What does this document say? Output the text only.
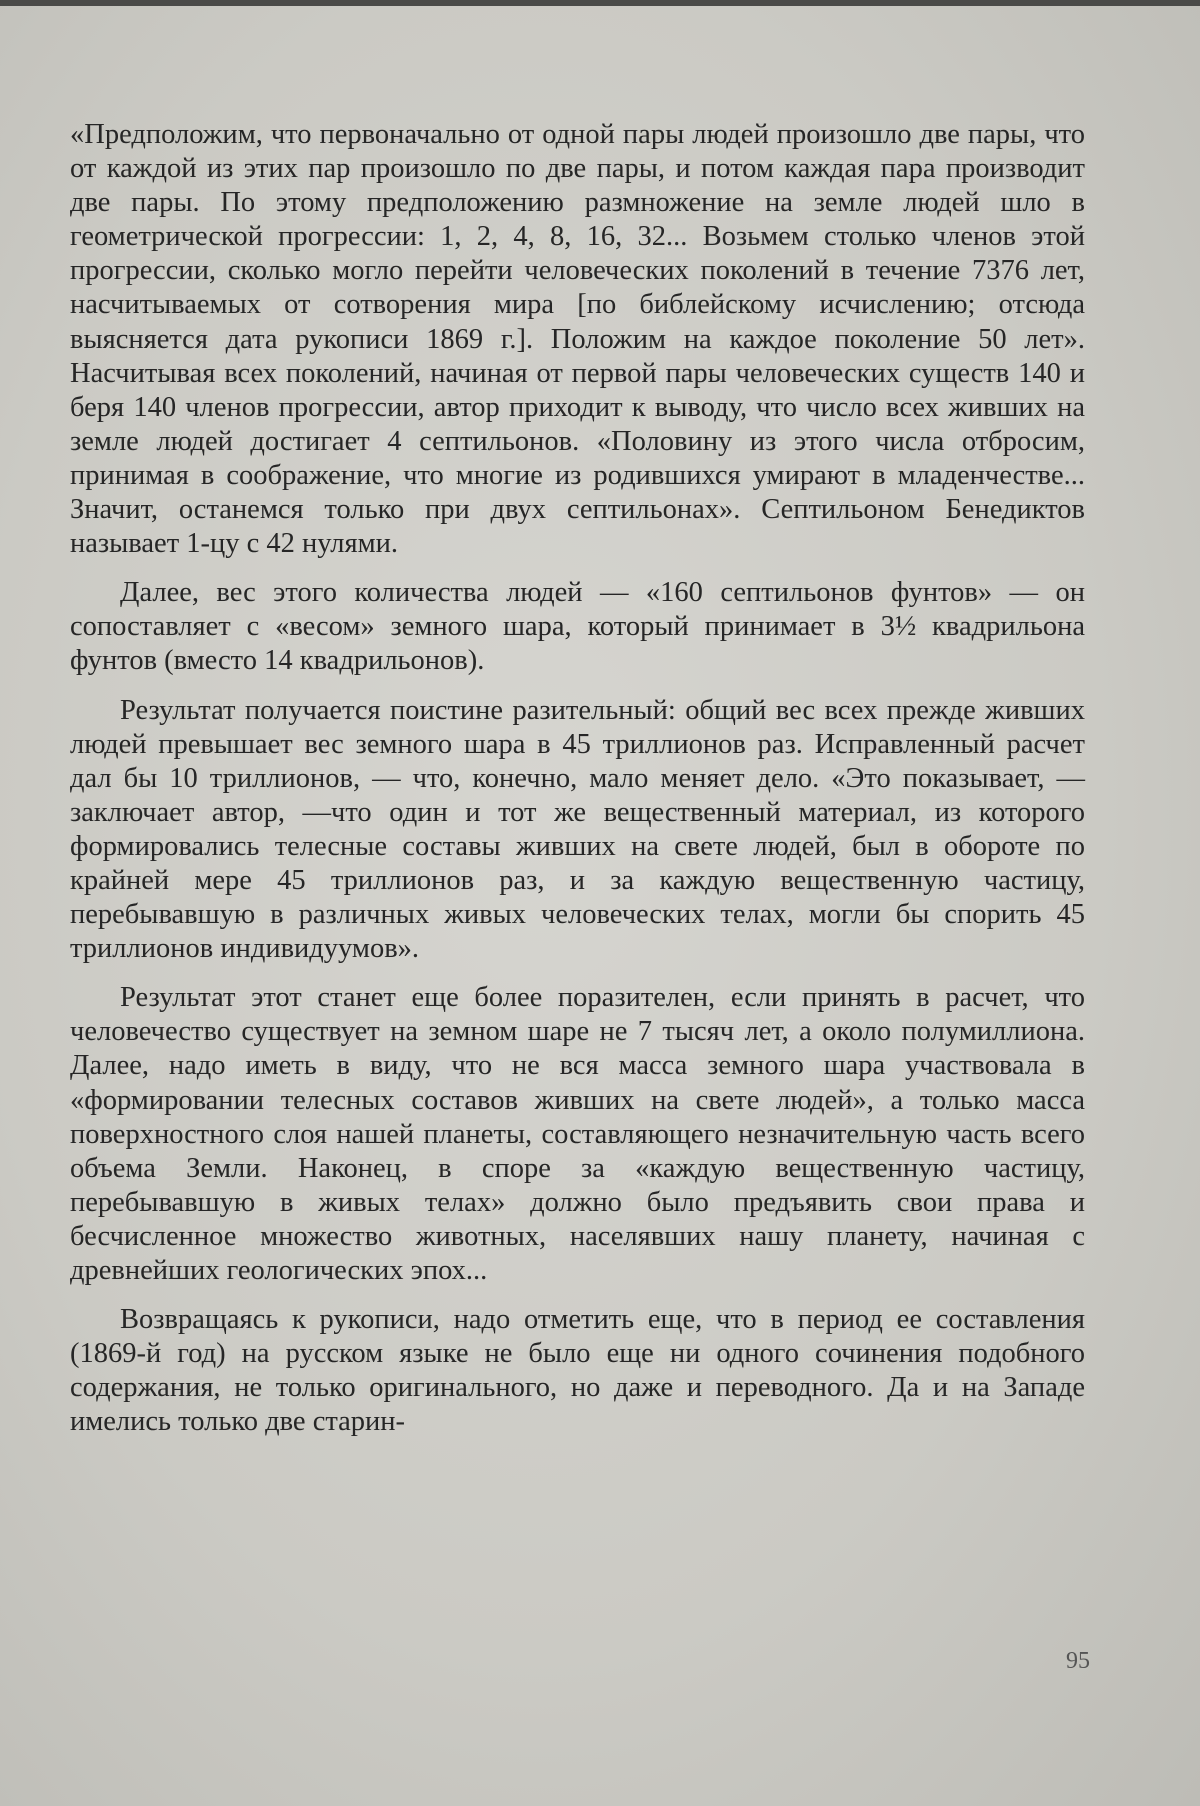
«Предположим, что первоначально от одной пары людей произошло две пары, что от каждой из этих пар произошло по две пары, и потом каждая пара производит две пары. По этому предположению размножение на земле людей шло в геометрической прогрессии: 1, 2, 4, 8, 16, 32... Возьмем столько членов этой прогрессии, сколько могло перейти человеческих поколений в течение 7376 лет, насчитываемых от сотворения мира [по библейскому исчислению; отсюда выясняется дата рукописи 1869 г.]. Положим на каждое поколение 50 лет». Насчитывая всех поколений, начиная от первой пары человеческих существ 140 и беря 140 членов прогрессии, автор приходит к выводу, что число всех живших на земле людей достигает 4 септильонов. «Половину из этого числа отбросим, принимая в соображение, что многие из родившихся умирают в младенчестве... Значит, останемся только при двух септильонах». Септильоном Бенедиктов называет 1-цу с 42 нулями.

Далее, вес этого количества людей — «160 септильонов фунтов» — он сопоставляет с «весом» земного шара, который принимает в 3½ квадрильона фунтов (вместо 14 квадрильонов).

Результат получается поистине разительный: общий вес всех прежде живших людей превышает вес земного шара в 45 триллионов раз. Исправленный расчет дал бы 10 триллионов, — что, конечно, мало меняет дело. «Это показывает, — заключает автор, —что один и тот же вещественный материал, из которого формировались телесные составы живших на свете людей, был в обороте по крайней мере 45 триллионов раз, и за каждую вещественную частицу, перебывавшую в различных живых человеческих телах, могли бы спорить 45 триллионов индивидуумов».

Результат этот станет еще более поразителен, если принять в расчет, что человечество существует на земном шаре не 7 тысяч лет, а около полумиллиона. Далее, надо иметь в виду, что не вся масса земного шара участвовала в «формировании телесных составов живших на свете людей», а только масса поверхностного слоя нашей планеты, составляющего незначительную часть всего объема Земли. Наконец, в споре за «каждую вещественную частицу, перебывавшую в живых телах» должно было предъявить свои права и бесчисленное множество животных, населявших нашу планету, начиная с древнейших геологических эпох...

Возвращаясь к рукописи, надо отметить еще, что в период ее составления (1869-й год) на русском языке не было еще ни одного сочинения подобного содержания, не только оригинального, но даже и переводного. Да и на Западе имелись только две старин-

95
